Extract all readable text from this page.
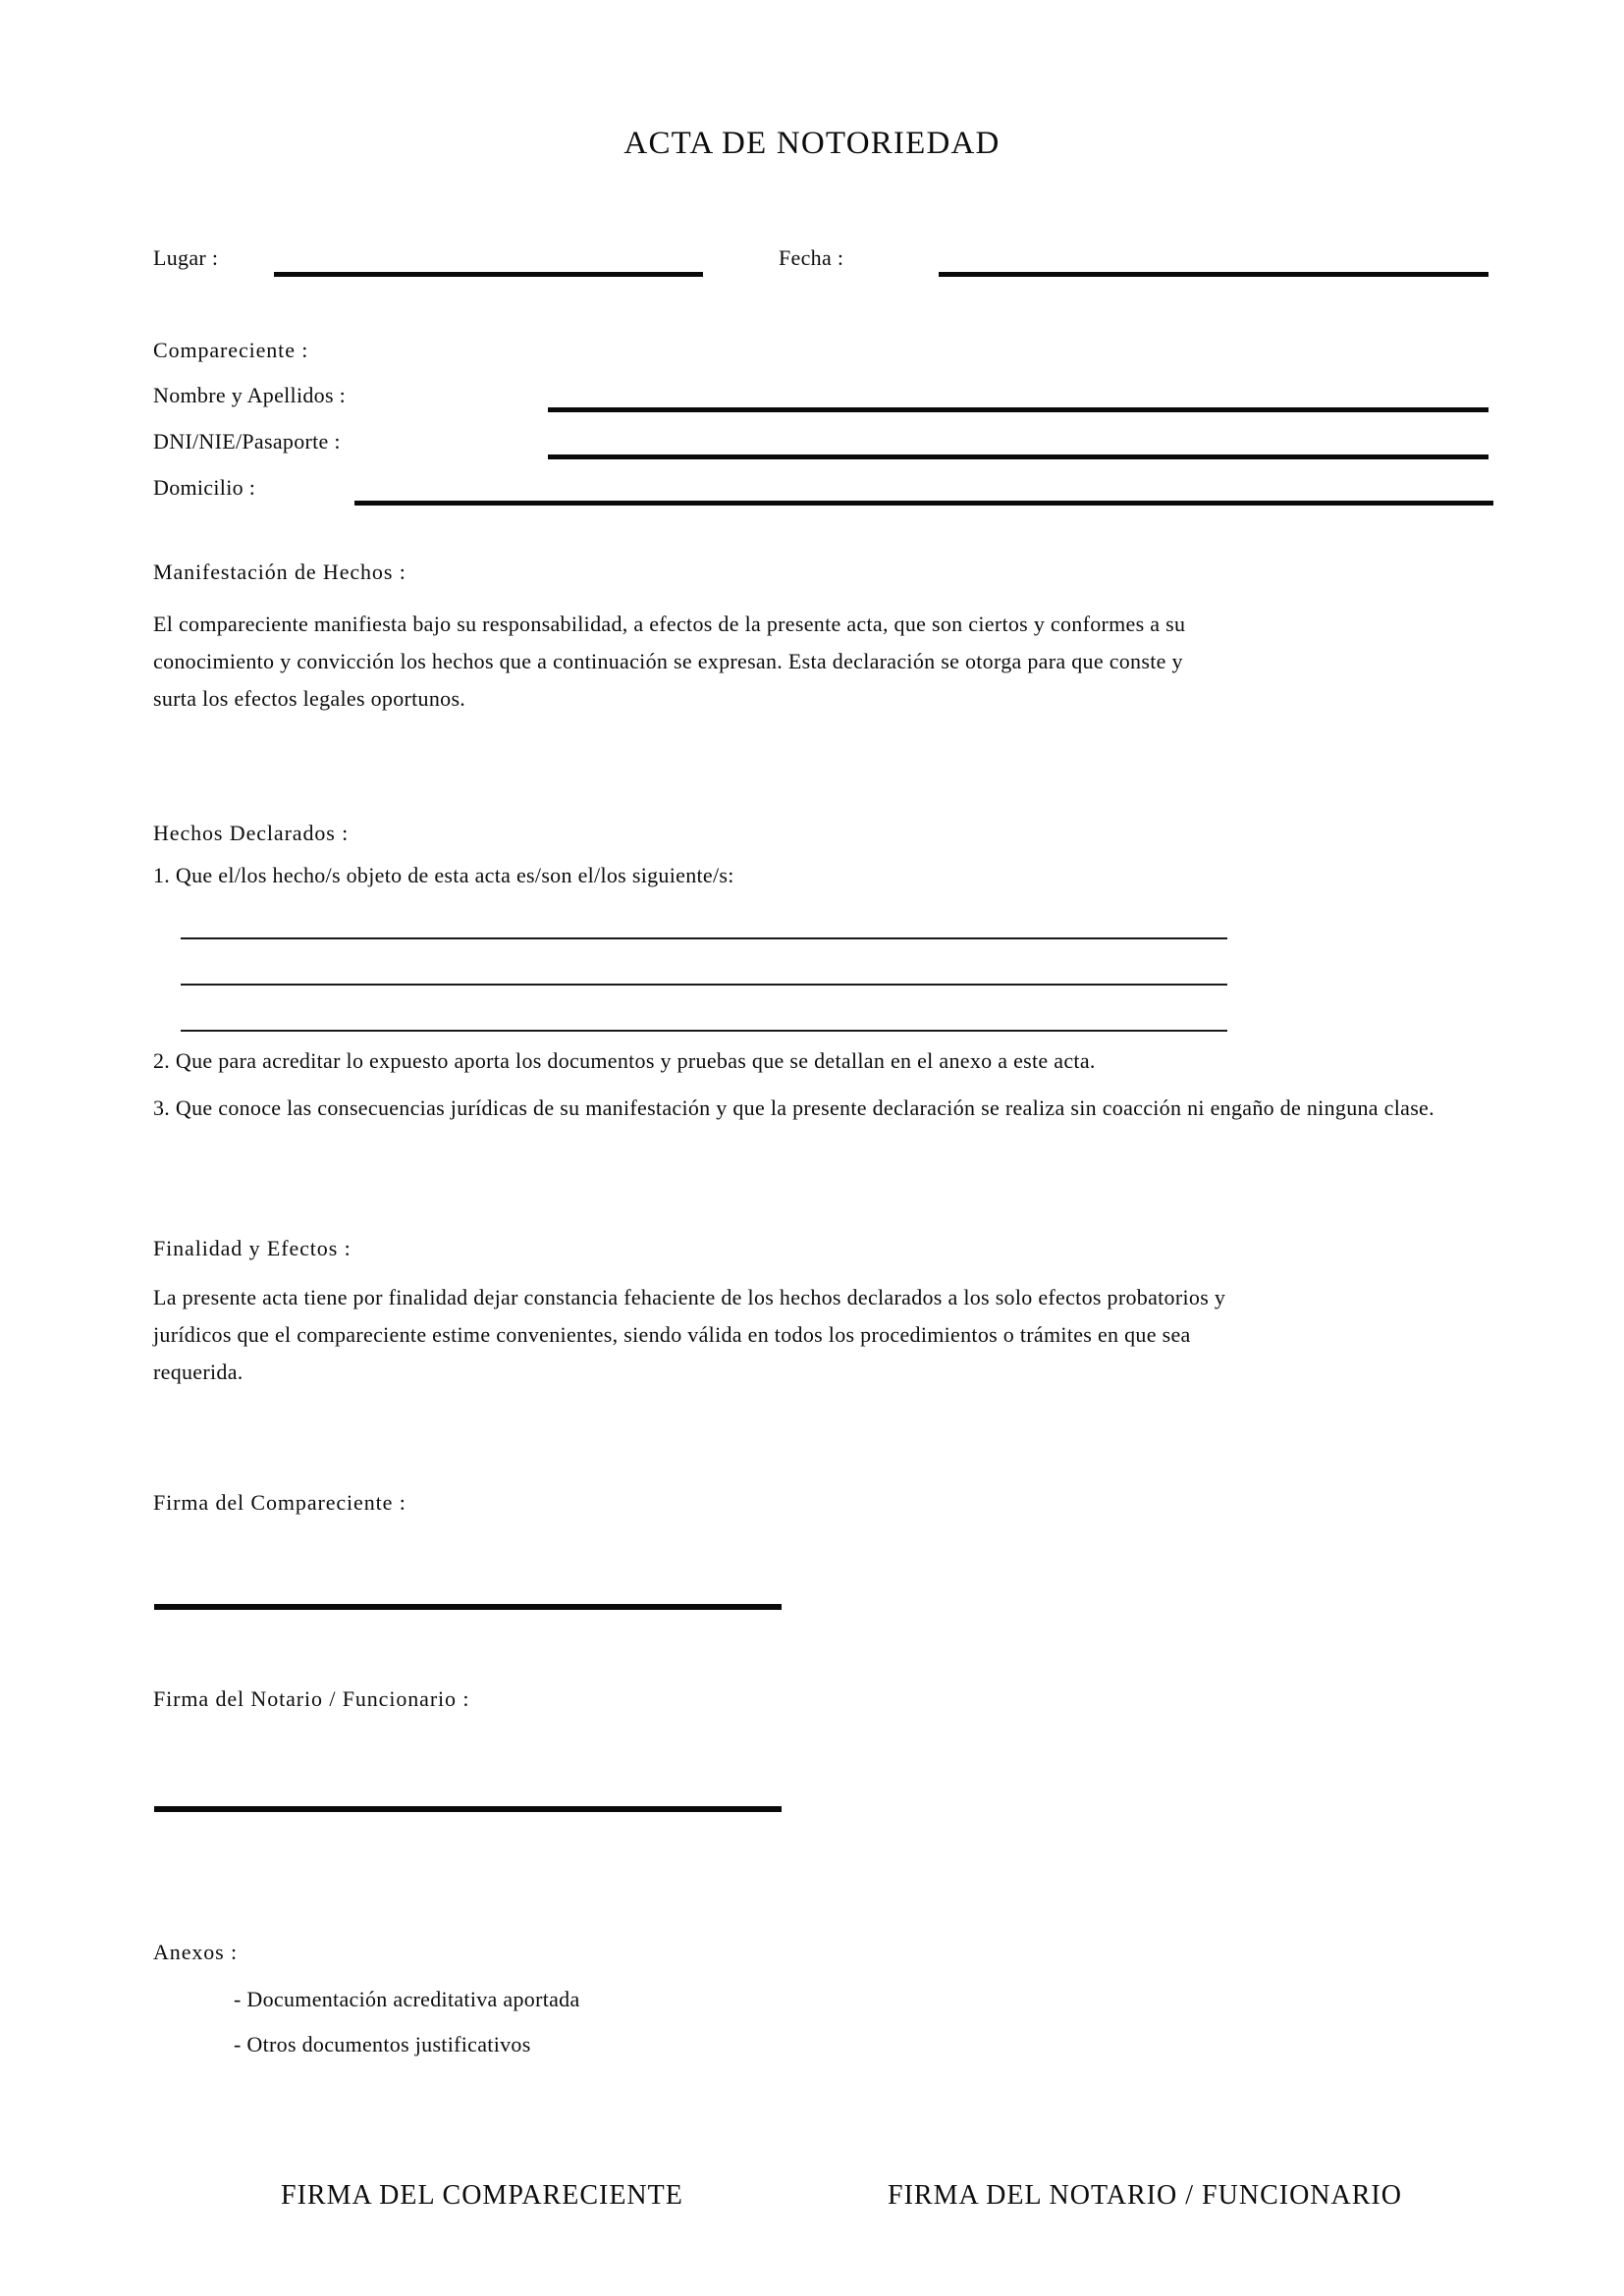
ACTA DE NOTORIEDAD
Lugar :	Fecha :
Compareciente :
Nombre y Apellidos :
DNI/NIE/Pasaporte :
Domicilio :
Manifestación de Hechos :
El compareciente manifiesta bajo su responsabilidad, a efectos de la presente acta, que son ciertos y conformes a su
conocimiento y convicción los hechos que a continuación se expresan. Esta declaración se otorga para que conste y
surta los efectos legales oportunos.
Hechos Declarados :
1. Que el/los hecho/s objeto de esta acta es/son el/los siguiente/s:
2. Que para acreditar lo expuesto aporta los documentos y pruebas que se detallan en el anexo a este acta.
3. Que conoce las consecuencias jurídicas de su manifestación y que la presente declaración se realiza sin coacción ni engaño de ninguna clase.
Finalidad y Efectos :
La presente acta tiene por finalidad dejar constancia fehaciente de los hechos declarados a los solo efectos probatorios y
jurídicos que el compareciente estime convenientes, siendo válida en todos los procedimientos o trámites en que sea
requerida.
Firma del Compareciente :
Firma del Notario / Funcionario :
Anexos :
- Documentación acreditativa aportada
- Otros documentos justificativos
FIRMA DEL COMPARECIENTE	FIRMA DEL NOTARIO / FUNCIONARIO
